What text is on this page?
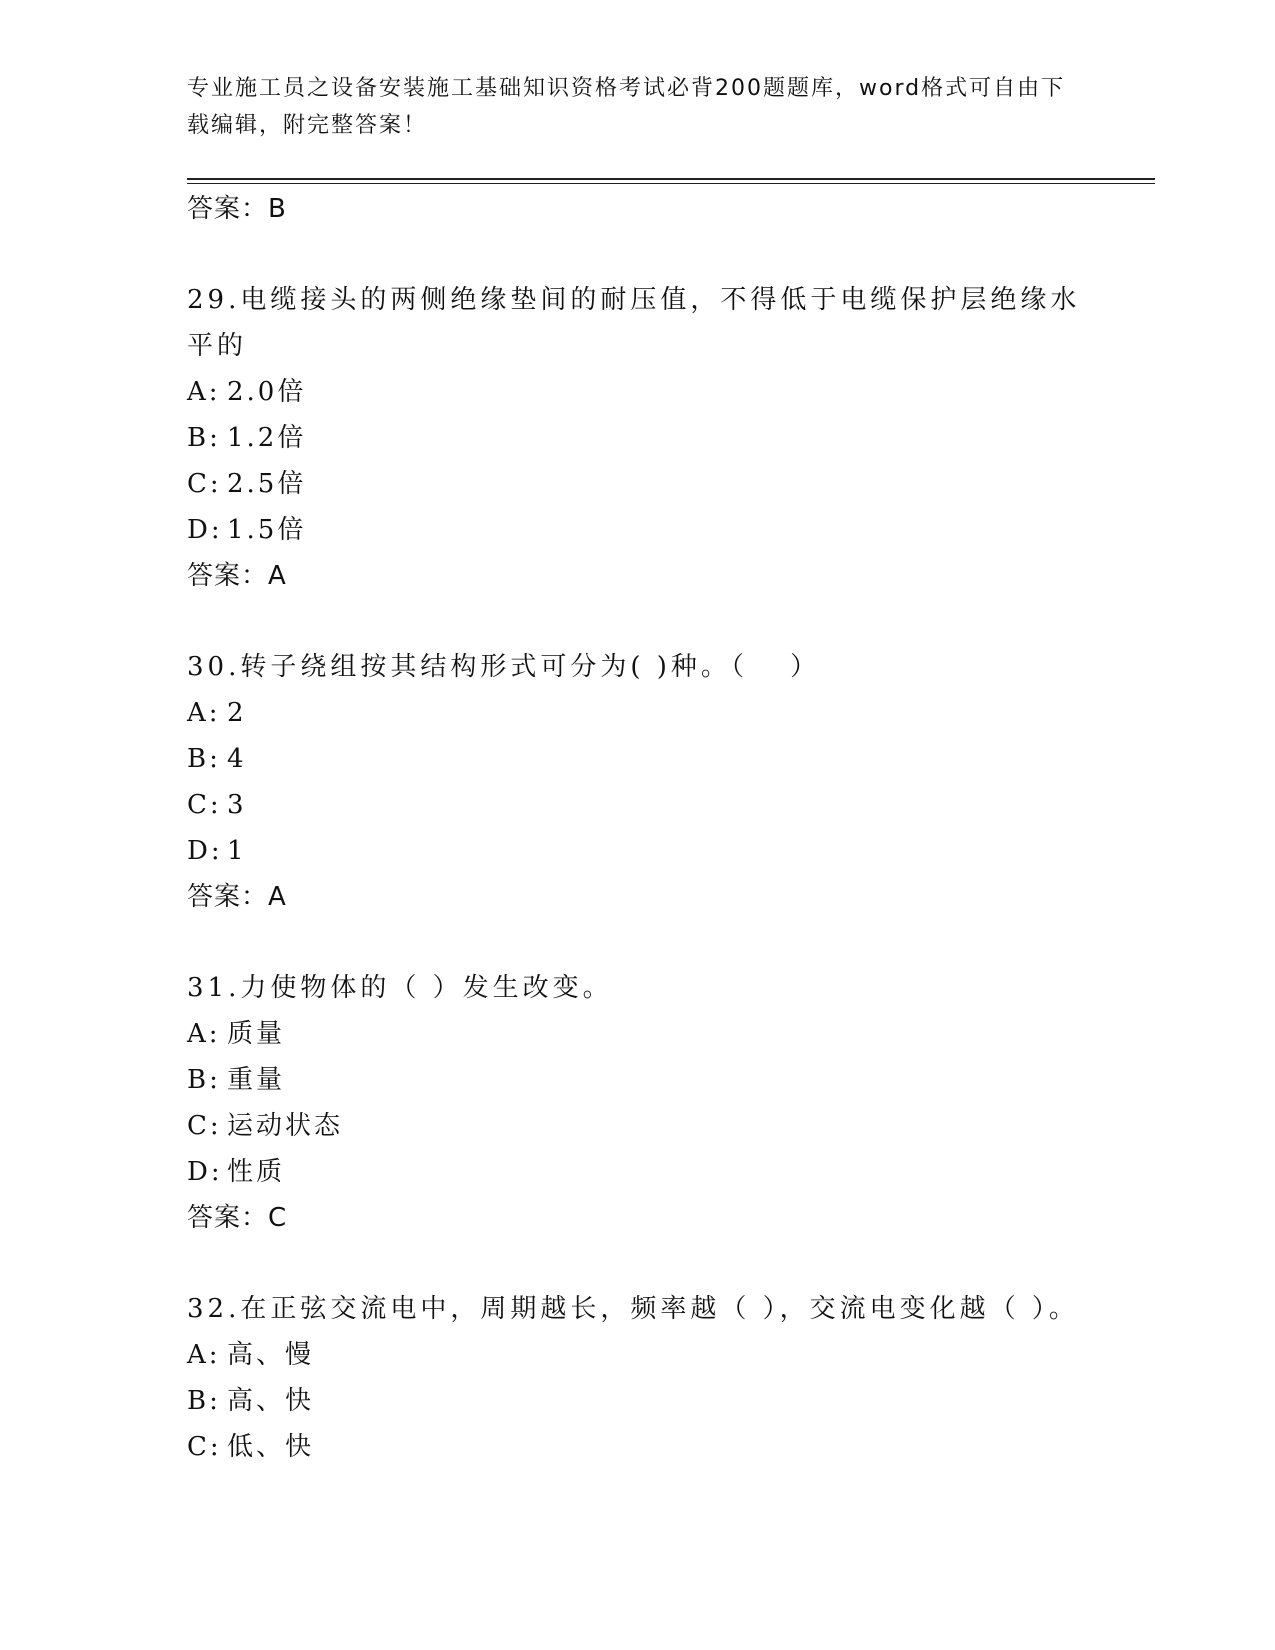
专业施工员之设备安装施工基础知识资格考试必背200题题库，word格式可自由下载编辑，附完整答案！
答案：B
29.电缆接头的两侧绝缘垫间的耐压值，不得低于电缆保护层绝缘水平的
A: 2.0倍
B: 1.2倍
C: 2.5倍
D: 1.5倍
答案：A
30.转子绕组按其结构形式可分为( )种。（　 ）
A: 2
B: 4
C: 3
D: 1
答案：A
31.力使物体的（ ）发生改变。
A: 质量
B: 重量
C: 运动状态
D: 性质
答案：C
32.在正弦交流电中，周期越长，频率越（ ），交流电变化越（ ）。
A: 高、慢
B: 高、快
C: 低、快
